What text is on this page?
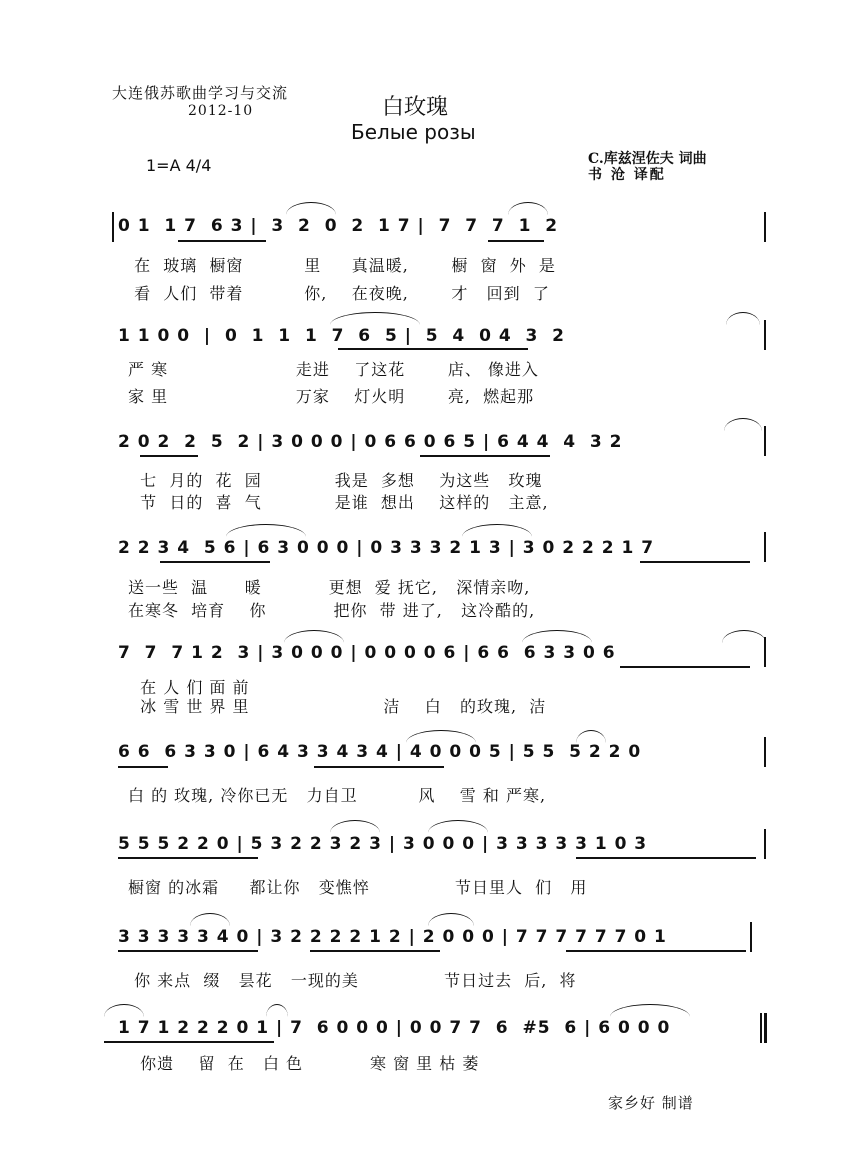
大连俄苏歌曲学习与交流
2012-10	白玫瑰
Белые розы
1=A 4/4	C.库兹涅佐夫 词曲
书 沧 译配
0 1  1 7  6 3 |  3  2  0  2  1 7 |  7  7  7  1  2
在  玻璃  橱窗          里     真温暖,       橱  窗  外  是
看  人们  带着          你,    在夜晚,       才   回到  了
1 1 0 0  |  0  1  1  1  7  6  5 |  5  4  0 4  3  2
严 寒                     走进    了这花       店、 像进入
家 里                     万家    灯火明       亮,  燃起那
2 0 2  2  5  2 | 3 0 0 0 | 0 6 6 0 6 5 | 6 4 4  4  3 2
七  月的  花  园            我是  多想    为这些   玫瑰
节  日的  喜  气            是谁  想出    这样的   主意,
2 2 3 4  5 6 | 6 3 0 0 0 | 0 3 3 3 2 1 3 | 3 0 2 2 2 1 7
送一些  温      暖           更想  爱 抚它,   深情亲吻,
在寒冬  培育    你           把你  带 进了,   这冷酷的,
7  7  7 1 2  3 | 3 0 0 0 | 0 0 0 0 6 | 6 6  6 3 3 0 6
在 人 们 面 前
冰 雪 世 界 里                      洁    白   的玫瑰,  洁
6 6  6 3 3 0 | 6 4 3 3 4 3 4 | 4 0 0 0 5 | 5 5  5 2 2 0
白 的 玫瑰, 冷你已无   力自卫          风    雪 和 严寒,
5 5 5 2 2 0 | 5 3 2 2 3 2 3 | 3 0 0 0 | 3 3 3 3 3 1 0 3
橱窗 的冰霜     都让你   变憔悴              节日里人  们   用
3 3 3 3 3 4 0 | 3 2 2 2 2 1 2 | 2 0 0 0 | 7 7 7 7 7 7 0 1
你 来点  缀   昙花   一现的美              节日过去  后,  将
1 7 1 2 2 2 0 1 | 7  6 0 0 0 | 0 0 7 7  6  #5  6 | 6 0 0 0
你遗    留  在   白 色           寒 窗 里 枯 萎
家乡好 制谱
